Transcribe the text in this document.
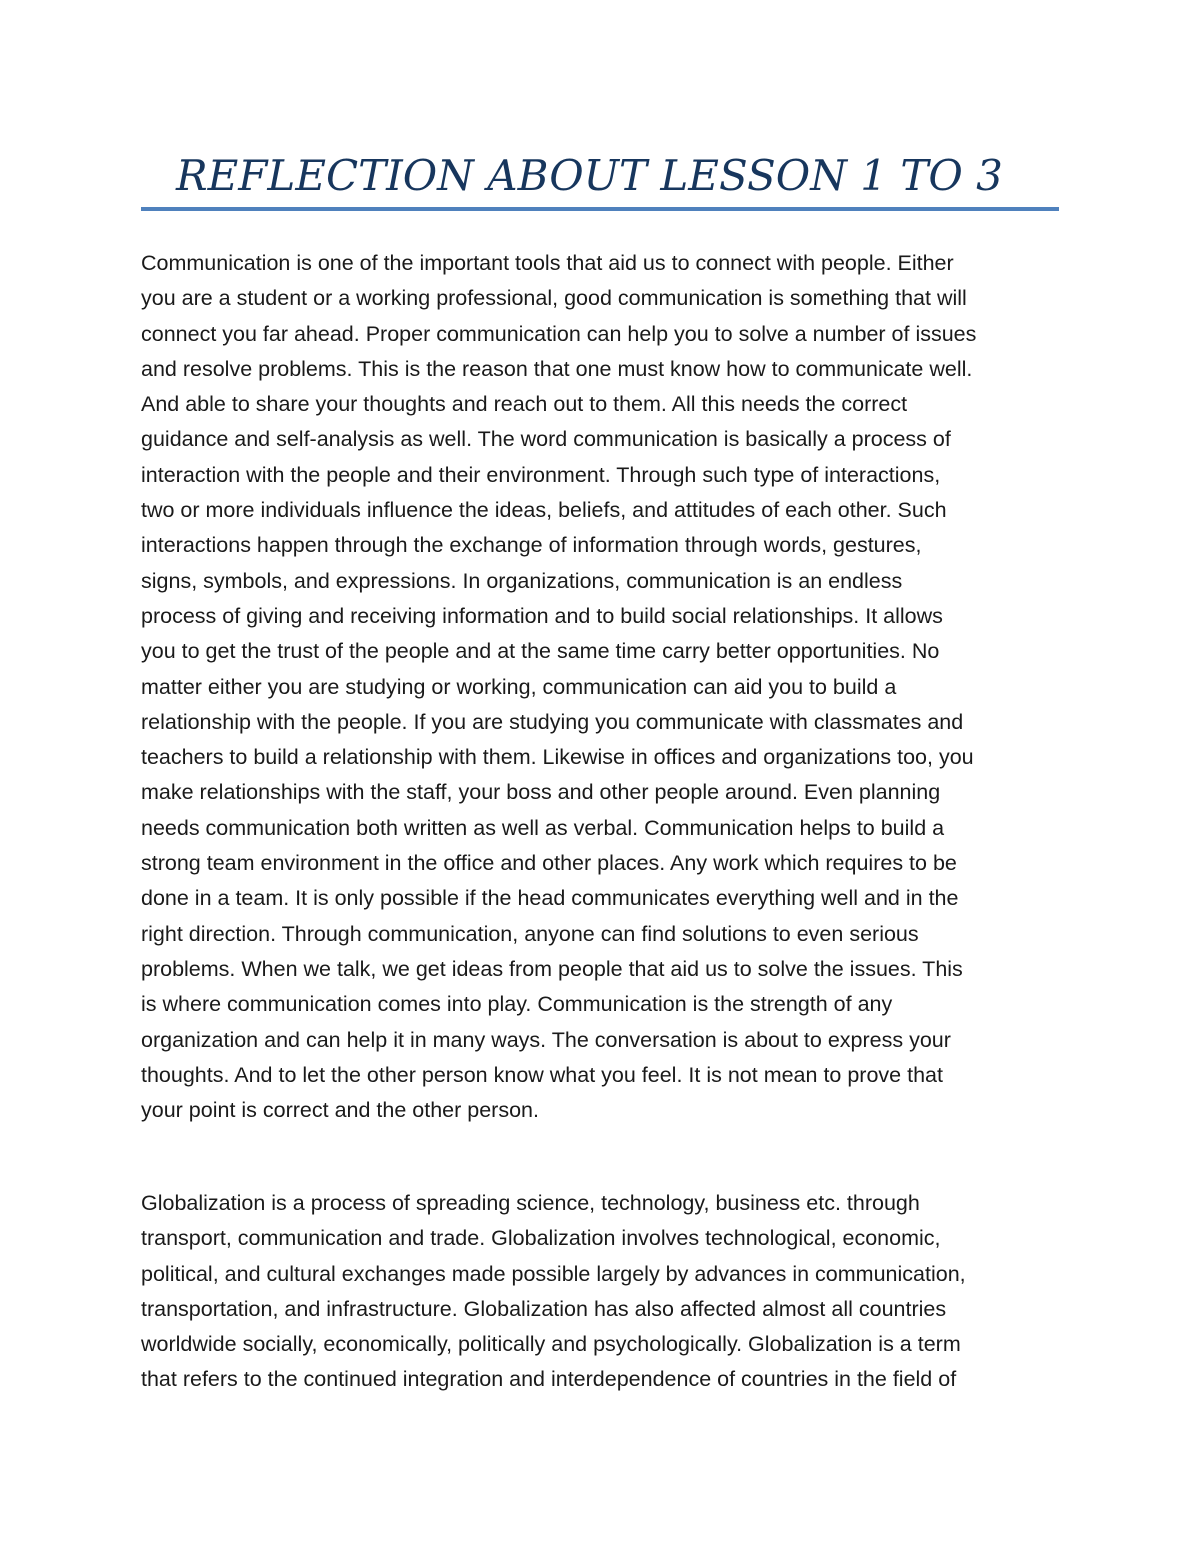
REFLECTION ABOUT LESSON 1 TO 3

Communication is one of the important tools that aid us to connect with people. Either
you are a student or a working professional, good communication is something that will
connect you far ahead. Proper communication can help you to solve a number of issues
and resolve problems. This is the reason that one must know how to communicate well.
And able to share your thoughts and reach out to them. All this needs the correct
guidance and self-analysis as well. The word communication is basically a process of
interaction with the people and their environment. Through such type of interactions,
two or more individuals influence the ideas, beliefs, and attitudes of each other. Such
interactions happen through the exchange of information through words, gestures,
signs, symbols, and expressions. In organizations, communication is an endless
process of giving and receiving information and to build social relationships. It allows
you to get the trust of the people and at the same time carry better opportunities. No
matter either you are studying or working, communication can aid you to build a
relationship with the people. If you are studying you communicate with classmates and
teachers to build a relationship with them. Likewise in offices and organizations too, you
make relationships with the staff, your boss and other people around. Even planning
needs communication both written as well as verbal. Communication helps to build a
strong team environment in the office and other places. Any work which requires to be
done in a team. It is only possible if the head communicates everything well and in the
right direction. Through communication, anyone can find solutions to even serious
problems. When we talk, we get ideas from people that aid us to solve the issues. This
is where communication comes into play. Communication is the strength of any
organization and can help it in many ways. The conversation is about to express your
thoughts. And to let the other person know what you feel. It is not mean to prove that
your point is correct and the other person.

Globalization is a process of spreading science, technology, business etc. through
transport, communication and trade. Globalization involves technological, economic,
political, and cultural exchanges made possible largely by advances in communication,
transportation, and infrastructure. Globalization has also affected almost all countries
worldwide socially, economically, politically and psychologically. Globalization is a term
that refers to the continued integration and interdependence of countries in the field of
